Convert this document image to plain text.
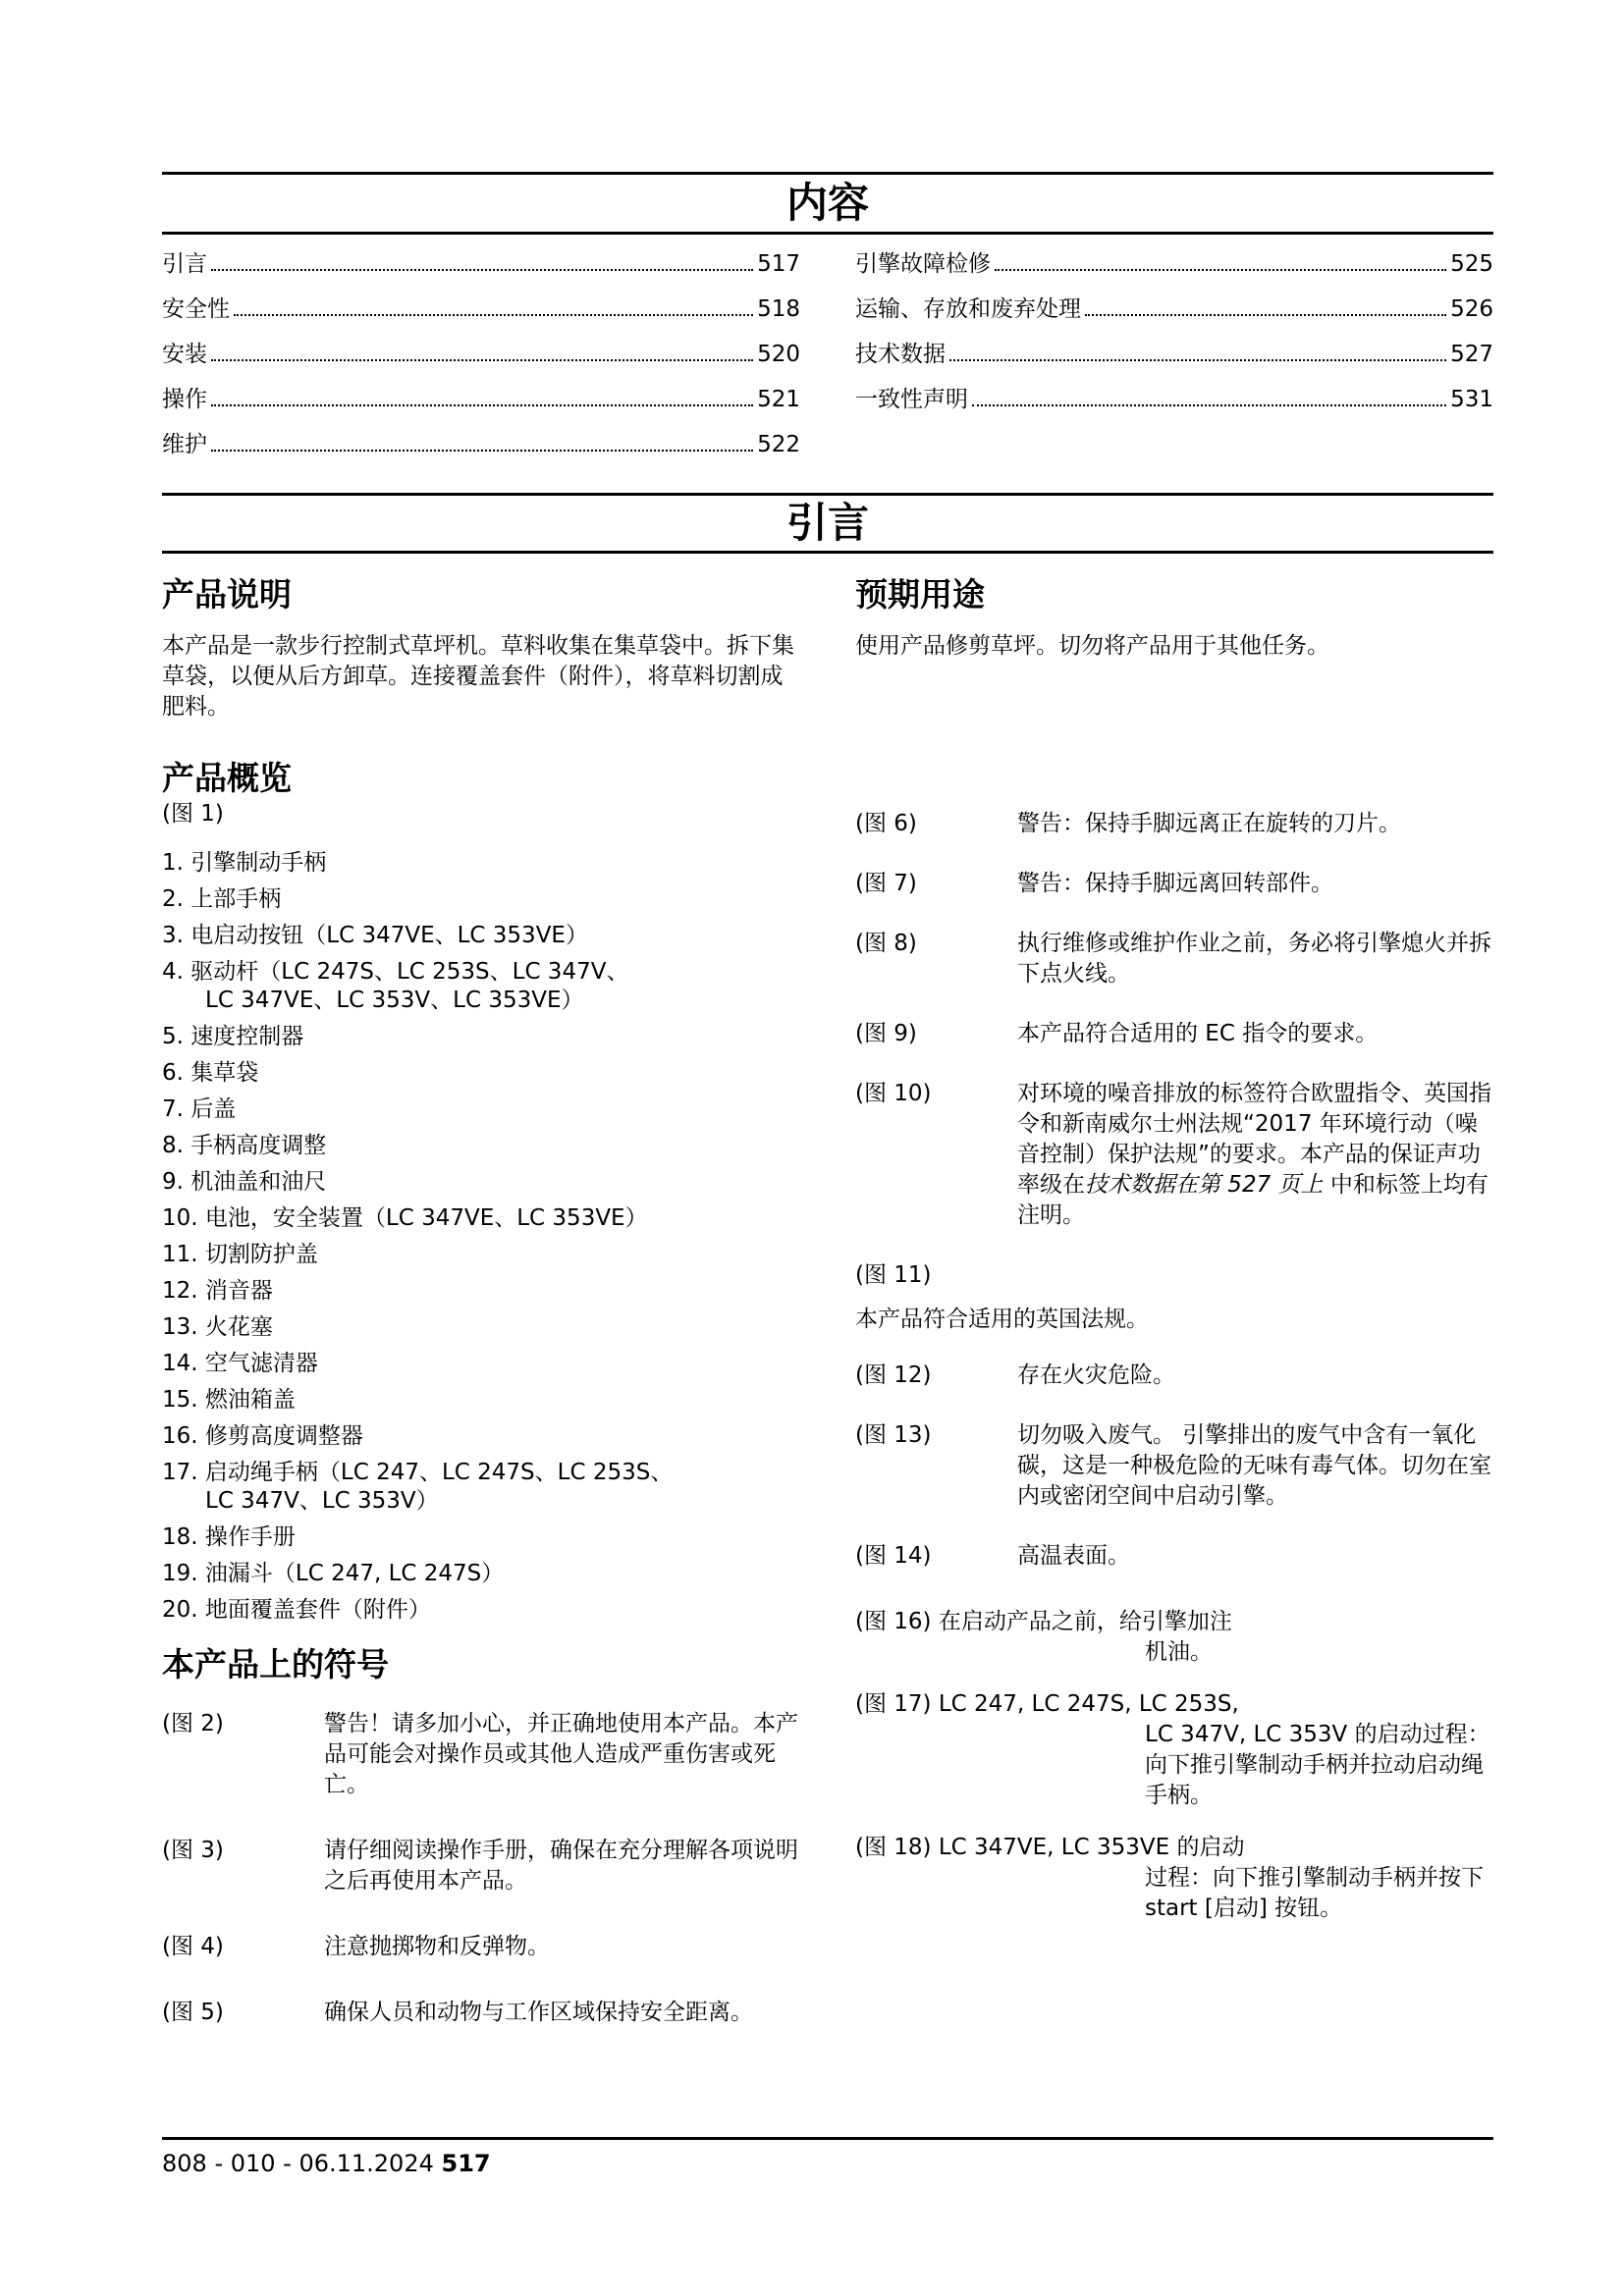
内容
引言	517
安全性	518
安装	520
操作	521
维护	522
引擎故障检修	525
运输、存放和废弃处理	526
技术数据	527
一致性声明	531
引言
产品说明

本产品是一款步行控制式草坪机。草料收集在集草袋中。拆下集草袋，以便从后方卸草。连接覆盖套件（附件），将草料切割成肥料。

产品概览
(图 1)
1. 引擎制动手柄
2. 上部手柄
3. 电启动按钮（LC 347VE、LC 353VE）
4. 驱动杆（LC 247S、LC 253S、LC 347V、
LC 347VE、LC 353V、LC 353VE）
5. 速度控制器
6. 集草袋
7. 后盖
8. 手柄高度调整
9. 机油盖和油尺
10. 电池，安全装置（LC 347VE、LC 353VE）
11. 切割防护盖
12. 消音器
13. 火花塞
14. 空气滤清器
15. 燃油箱盖
16. 修剪高度调整器
17. 启动绳手柄（LC 247、LC 247S、LC 253S、
LC 347V、LC 353V）
18. 操作手册
19. 油漏斗（LC 247, LC 247S）
20. 地面覆盖套件（附件）
本产品上的符号
(图 2)	警告！请多加小心，并正确地使用本产品。本产品可能会对操作员或其他人造成严重伤害或死亡。
(图 3)	请仔细阅读操作手册，确保在充分理解各项说明之后再使用本产品。
(图 4)	注意抛掷物和反弹物。
(图 5)	确保人员和动物与工作区域保持安全距离。
预期用途

使用产品修剪草坪。切勿将产品用于其他任务。

(图 6)	警告：保持手脚远离正在旋转的刀片。
(图 7)	警告：保持手脚远离回转部件。
(图 8)	执行维修或维护作业之前，务必将引擎熄火并拆下点火线。
(图 9)	本产品符合适用的 EC 指令的要求。
(图 10)	对环境的噪音排放的标签符合欧盟指令、英国指令和新南威尔士州法规“2017 年环境行动（噪音控制）保护法规”的要求。本产品的保证声功率级在技术数据在第 527 页上 中和标签上均有注明。
(图 11)

本产品符合适用的英国法规。

(图 12)	存在火灾危险。
(图 13)	切勿吸入废气。 引擎排出的废气中含有一氧化碳，这是一种极危险的无味有毒气体。切勿在室内或密闭空间中启动引擎。
(图 14)	高温表面。
(图 16) 在启动产品之前，给引擎加注
机油。
(图 17) LC 247, LC 247S, LC 253S,
LC 347V, LC 353V 的启动过程：向下推引擎制动手柄并拉动启动绳手柄。
(图 18) LC 347VE, LC 353VE 的启动
过程：向下推引擎制动手柄并按下 start [启动] 按钮。
808 - 010 - 06.11.2024 517
